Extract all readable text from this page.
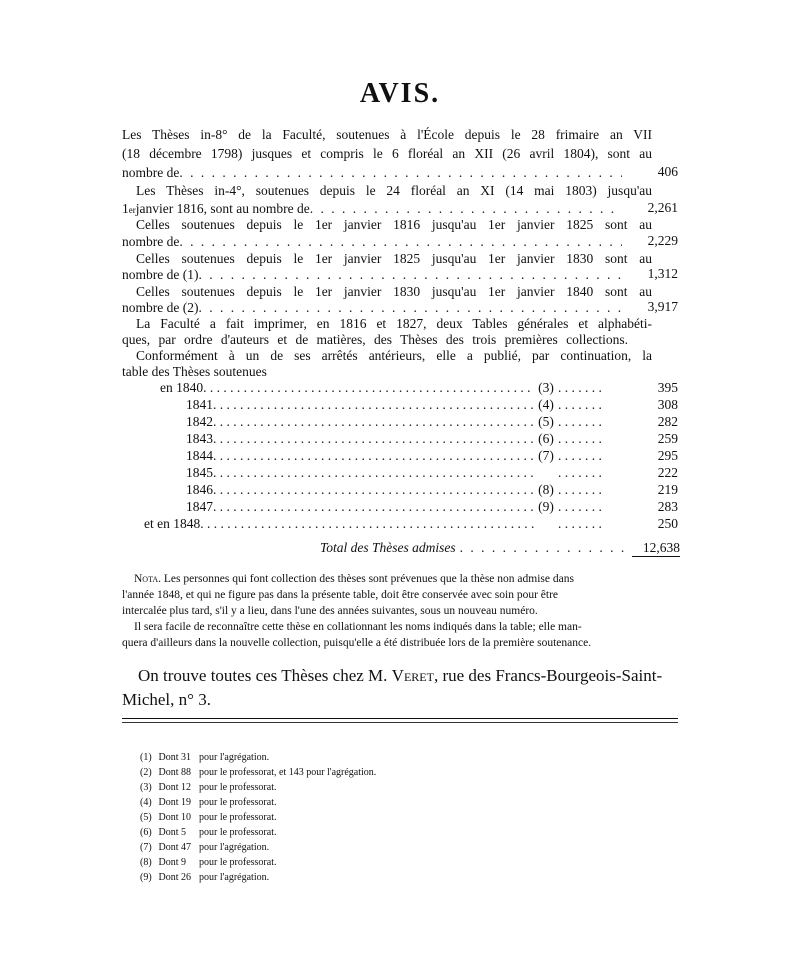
AVIS.
Les Thèses in-8° de la Faculté, soutenues à l'École depuis le 28 frimaire an VII
(18 décembre 1798) jusques et compris le 6 floréal an XII (26 avril 1804), sont au
nombre de . . .	406
Les Thèses in-4°, soutenues depuis le 24 floréal an XI (14 mai 1803) jusqu'au
1 er janvier 1816, sont au nombre de . . .	2,261
Celles soutenues depuis le 1er janvier 1816 jusqu'au 1er janvier 1825 sont au
nombre de . . .	2,229
Celles soutenues depuis le 1er janvier 1825 jusqu'au 1er janvier 1830 sont au
nombre de (1) . . .	1,312
Celles soutenues depuis le 1er janvier 1830 jusqu'au 1er janvier 1840 sont au
nombre de (2) . . .	3,917
La Faculté a fait imprimer, en 1816 et 1827, deux Tables générales et alphabéti-
ques, par ordre d'auteurs et de matières, des Thèses des trois premières collections.
Conformément à un de ses arrêtés antérieurs, elle a publié, par continuation, la
table des Thèses soutenues
en 1840 . . .	(3) . . .	395
1841 . . .	(4) . . .	308
1842 . . .	(5) . . .	282
1843 . . .	(6) . . .	259
1844 . . .	(7) . . .	295
1845 . . . . . .	222
1846 . . .	(8) . . .	219
1847 . . .	(9) . . .	283
et en 1848 . . . . . .	250
Total des Thèses admises . . .	12,638
Nota. Les personnes qui font collection des thèses sont prévenues que la thèse non admise dans
l'année 1848, et qui ne figure pas dans la présente table, doit être conservée avec soin pour être
intercalée plus tard, s'il y a lieu, dans l'une des années suivantes, sous un nouveau numéro.
Il sera facile de reconnaître cette thèse en collationnant les noms indiqués dans la table; elle man-
quera d'ailleurs dans la nouvelle collection, puisqu'elle a été distribuée lors de la première soutenance.
On trouve toutes ces Thèses chez M. Veret, rue des Francs-Bourgeois-Saint-
Michel, n° 3.
(1) Dont 31 pour l'agrégation.
(2) Dont 88 pour le professorat, et 143 pour l'agrégation.
(3) Dont 12 pour le professorat.
(4) Dont 19 pour le professorat.
(5) Dont 10 pour le professorat.
(6) Dont 5 pour le professorat.
(7) Dont 47 pour l'agrégation.
(8) Dont 9 pour le professorat.
(9) Dont 26 pour l'agrégation.
